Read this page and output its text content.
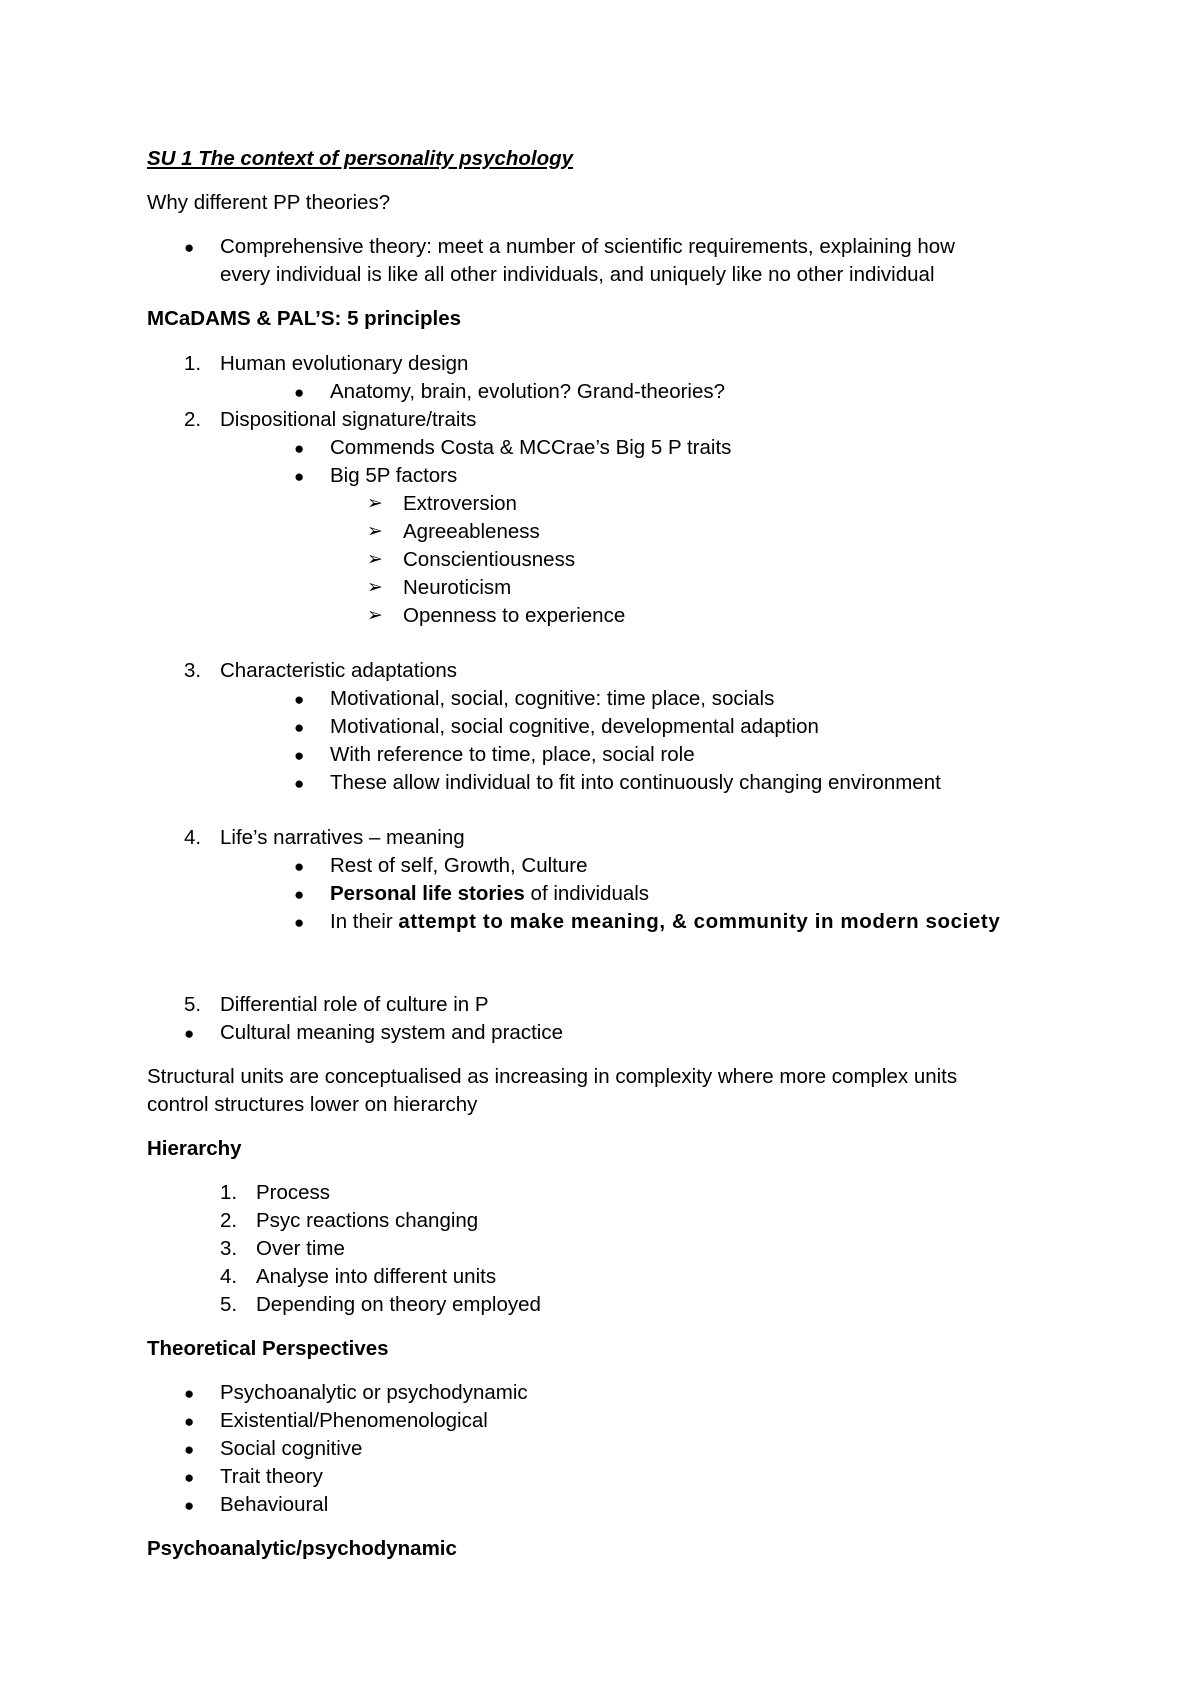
SU 1 The context of personality psychology
Why different PP theories?
● Comprehensive theory: meet a number of scientific requirements, explaining how
every individual is like all other individuals, and uniquely like no other individual
MCaDAMS & PAL’S: 5 principles
1. Human evolutionary design
● Anatomy, brain, evolution? Grand-theories?
2. Dispositional signature/traits
● Commends Costa & MCCrae’s Big 5 P traits
● Big 5P factors
➢ Extroversion
➢ Agreeableness
➢ Conscientiousness
➢ Neuroticism
➢ Openness to experience
3. Characteristic adaptations
● Motivational, social, cognitive: time place, socials
● Motivational, social cognitive, developmental adaption
● With reference to time, place, social role
● These allow individual to fit into continuously changing environment
4. Life’s narratives – meaning
● Rest of self, Growth, Culture
● Personal life stories of individuals
● In their attempt to make meaning, & community in modern society
5. Differential role of culture in P
● Cultural meaning system and practice
Structural units are conceptualised as increasing in complexity where more complex units
control structures lower on hierarchy
Hierarchy
1. Process
2. Psyc reactions changing
3. Over time
4. Analyse into different units
5. Depending on theory employed
Theoretical Perspectives
● Psychoanalytic or psychodynamic
● Existential/Phenomenological
● Social cognitive
● Trait theory
● Behavioural
Psychoanalytic/psychodynamic
